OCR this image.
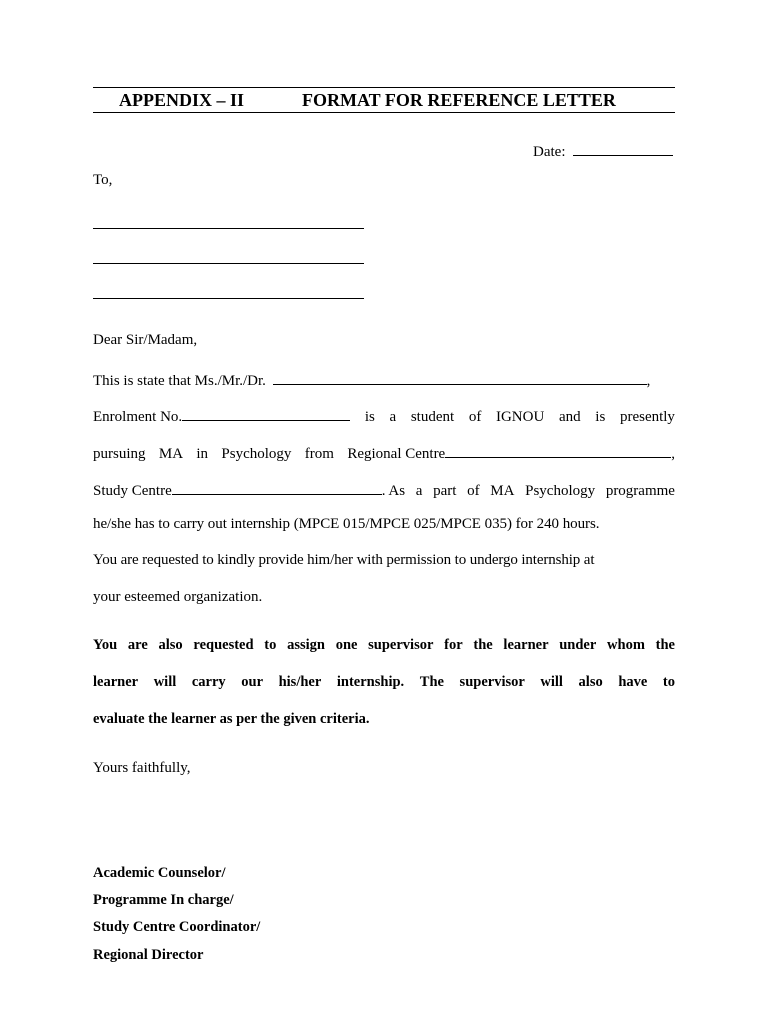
APPENDIX – II	FORMAT FOR REFERENCE LETTER
Date:
To,
Dear Sir/Madam,
This is state that Ms./Mr./Dr.	,
Enrolment No.	is a student of IGNOU and is presently
pursuing MA in Psychology from Regional Centre	,
Study Centre	. As a part of MA Psychology programme
he/she has to carry out internship (MPCE 015/MPCE 025/MPCE 035) for 240 hours.
You are requested to kindly provide him/her with permission to undergo internship at
your esteemed organization.
You are also requested to assign one supervisor for the learner under whom the
learner will carry our his/her internship. The supervisor will also have to
evaluate the learner as per the given criteria.
Yours faithfully,
Academic Counselor/
Programme In charge/
Study Centre Coordinator/
Regional Director
